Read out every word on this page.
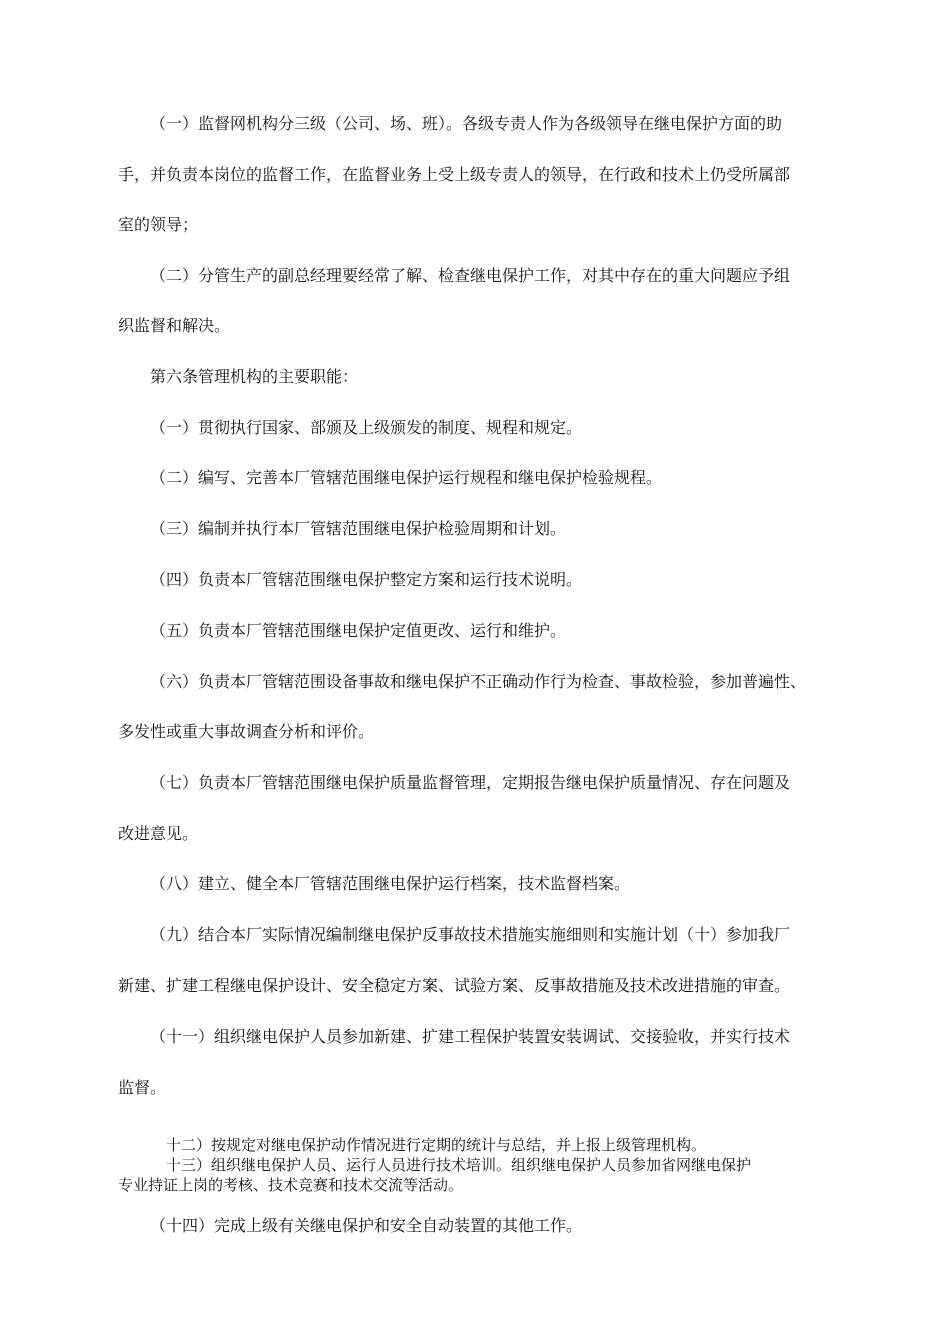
（一）监督网机构分三级（公司、场、班）。各级专责人作为各级领导在继电保护方面的助

手，并负责本岗位的监督工作，在监督业务上受上级专责人的领导，在行政和技术上仍受所属部

室的领导；

（二）分管生产的副总经理要经常了解、检查继电保护工作，对其中存在的重大问题应予组

织监督和解决。

第六条管理机构的主要职能：

（一）贯彻执行国家、部颁及上级颁发的制度、规程和规定。

（二）编写、完善本厂管辖范围继电保护运行规程和继电保护检验规程。

（三）编制并执行本厂管辖范围继电保护检验周期和计划。

（四）负责本厂管辖范围继电保护整定方案和运行技术说明。

（五）负责本厂管辖范围继电保护定值更改、运行和维护。

（六）负责本厂管辖范围设备事故和继电保护不正确动作行为检查、事故检验，参加普遍性、

多发性或重大事故调查分析和评价。

（七）负责本厂管辖范围继电保护质量监督管理，定期报告继电保护质量情况、存在问题及

改进意见。

（八）建立、健全本厂管辖范围继电保护运行档案，技术监督档案。

（九）结合本厂实际情况编制继电保护反事故技术措施实施细则和实施计划（十）参加我厂

新建、扩建工程继电保护设计、安全稳定方案、试验方案、反事故措施及技术改进措施的审查。

（十一）组织继电保护人员参加新建、扩建工程保护装置安装调试、交接验收，并实行技术

监督。

十二）按规定对继电保护动作情况进行定期的统计与总结，并上报上级管理机构。

十三）组织继电保护人员、运行人员进行技术培训。组织继电保护人员参加省网继电保护

专业持证上岗的考核、技术竞赛和技术交流等活动。

（十四）完成上级有关继电保护和安全自动装置的其他工作。
